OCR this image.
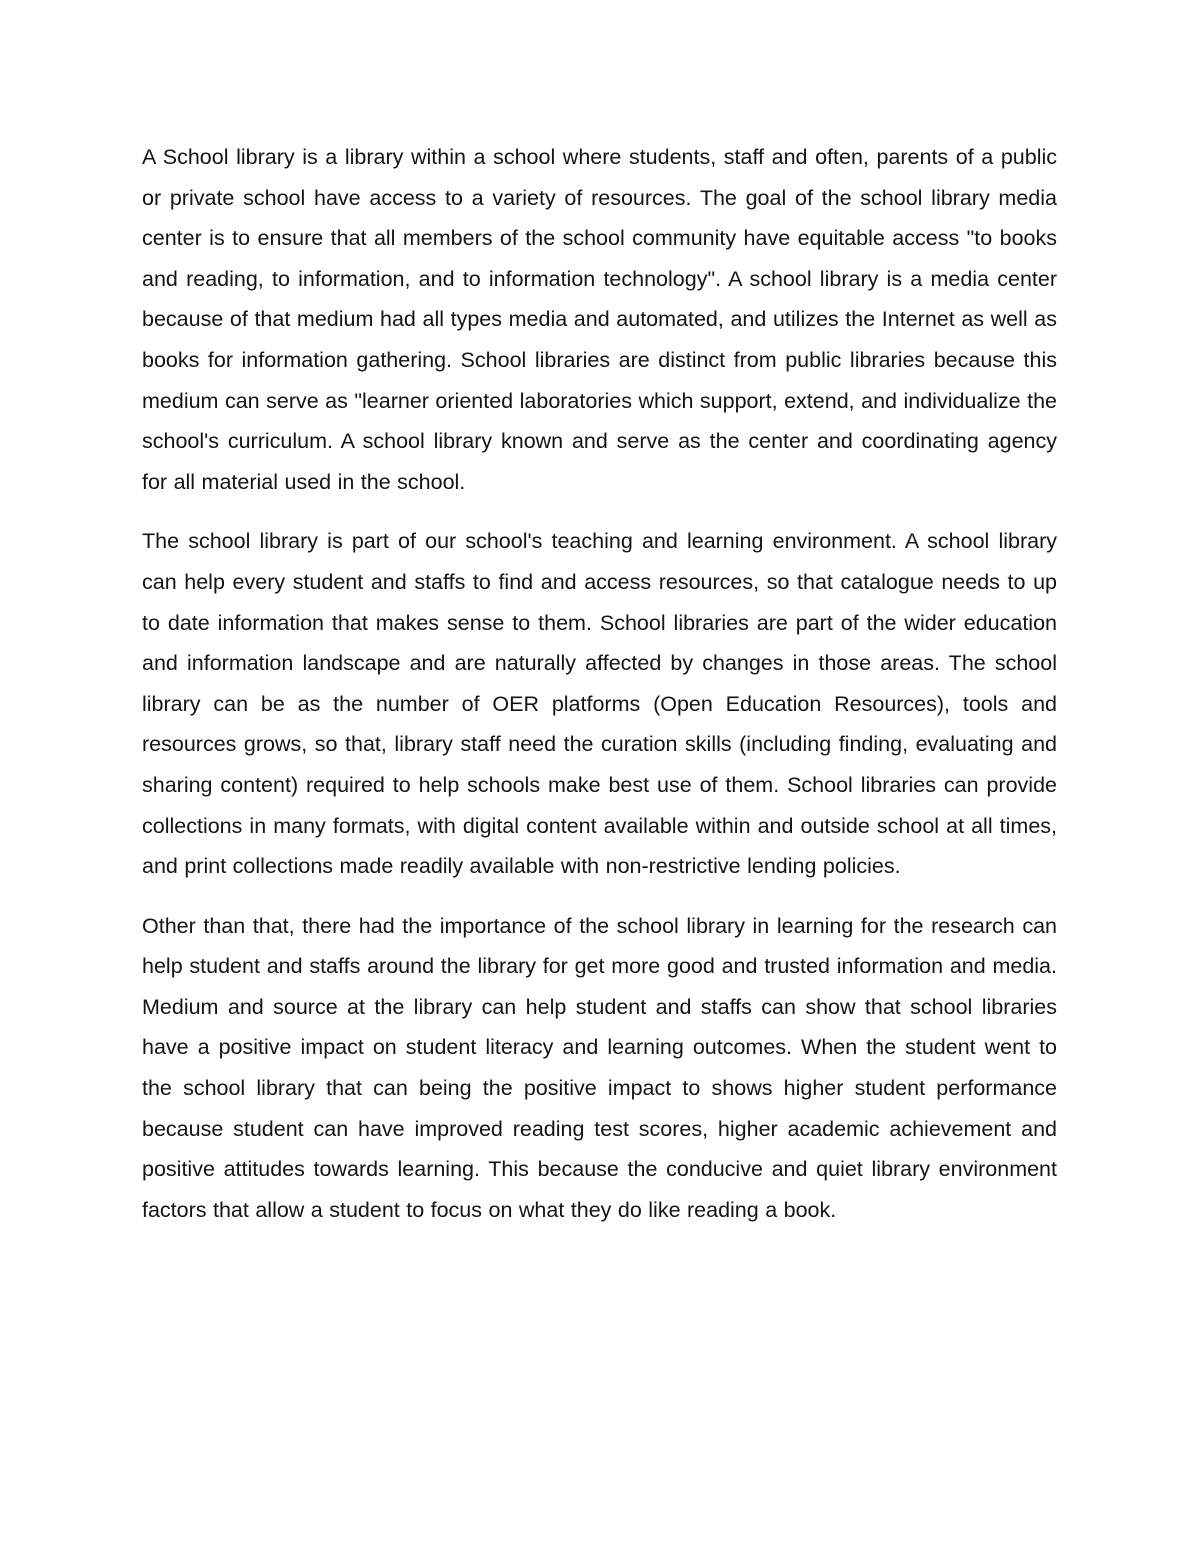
A School library is a library within a school where students, staff and often, parents of a public or private school have access to a variety of resources. The goal of the school library media center is to ensure that all members of the school community have equitable access "to books and reading, to information, and to information technology". A school library is a media center because of that medium had all types media and automated, and utilizes the Internet as well as books for information gathering. School libraries are distinct from public libraries because this medium can serve as "learner oriented laboratories which support, extend, and individualize the school's curriculum. A school library known and serve as the center and coordinating agency for all material used in the school.

The school library is part of our school's teaching and learning environment. A school library can help every student and staffs to find and access resources, so that catalogue needs to up to date information that makes sense to them. School libraries are part of the wider education and information landscape and are naturally affected by changes in those areas. The school library can be as the number of OER platforms (Open Education Resources), tools and resources grows, so that, library staff need the curation skills (including finding, evaluating and sharing content) required to help schools make best use of them. School libraries can provide collections in many formats, with digital content available within and outside school at all times, and print collections made readily available with non-restrictive lending policies.

Other than that, there had the importance of the school library in learning for the research can help student and staffs around the library for get more good and trusted information and media. Medium and source at the library can help student and staffs can show that school libraries have a positive impact on student literacy and learning outcomes. When the student went to the school library that can being the positive impact to shows higher student performance because student can have improved reading test scores, higher academic achievement and positive attitudes towards learning. This because the conducive and quiet library environment factors that allow a student to focus on what they do like reading a book.
